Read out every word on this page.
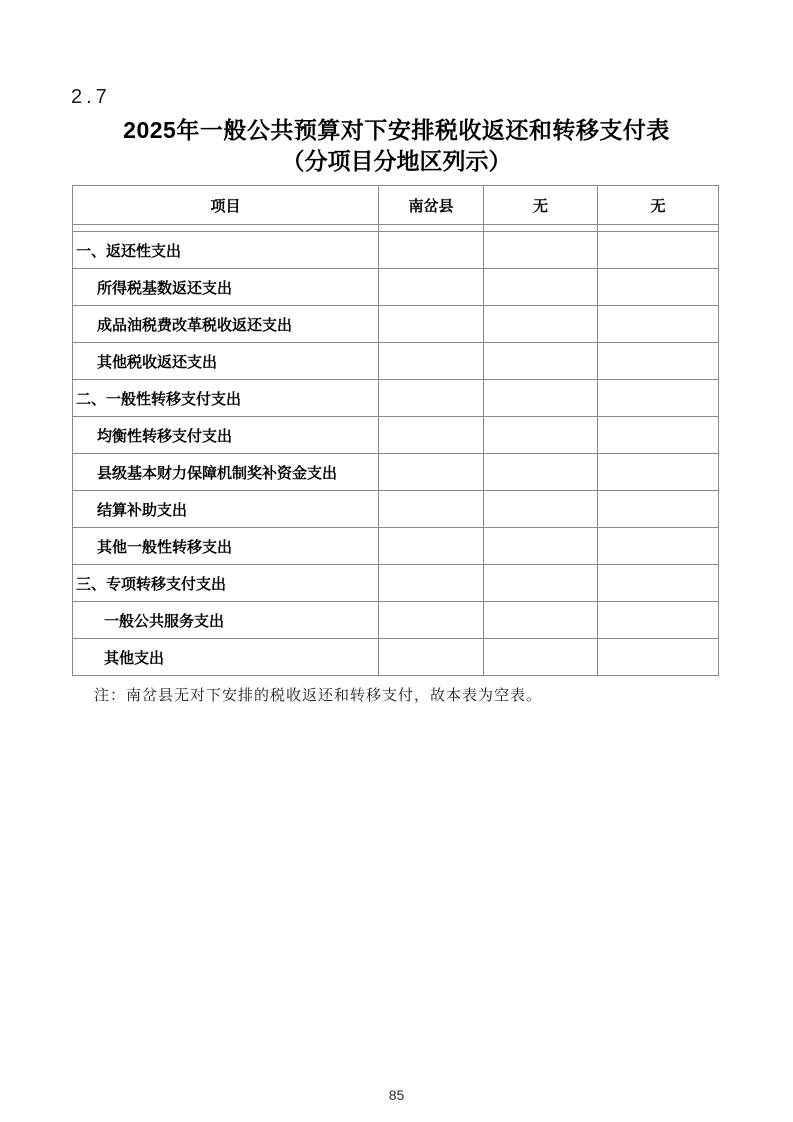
2.7
2025年一般公共预算对下安排税收返还和转移支付表
（分项目分地区列示）
项目	南岔县	无	无

一、返还性支出			
所得税基数返还支出			
成品油税费改革税收返还支出			
其他税收返还支出			
二、一般性转移支付支出			
均衡性转移支付支出			
县级基本财力保障机制奖补资金支出			
结算补助支出			
其他一般性转移支出			
三、专项转移支付支出			
一般公共服务支出			
其他支出			
注：南岔县无对下安排的税收返还和转移支付，故本表为空表。
85
